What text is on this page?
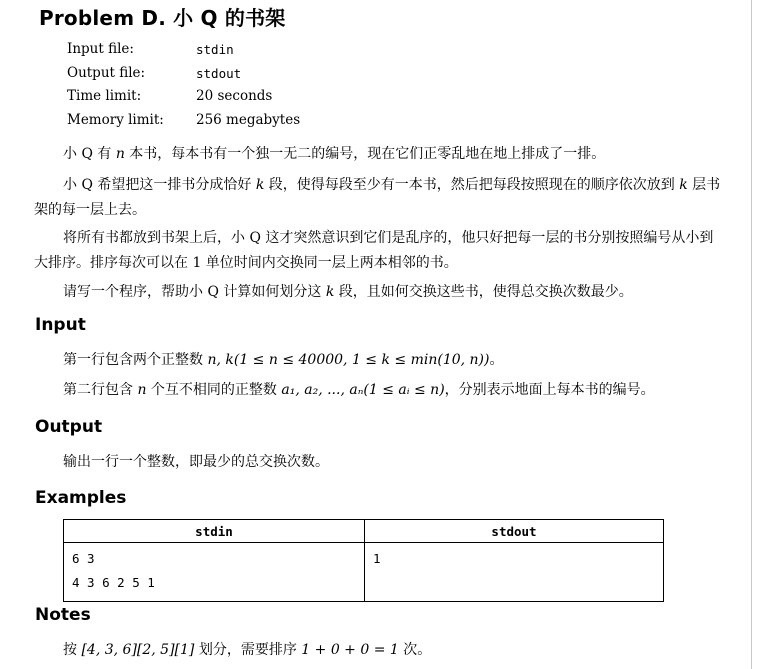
Problem D. 小 Q 的书架
Input file:	stdin
Output file:	stdout
Time limit:	20 seconds
Memory limit:	256 megabytes

小 Q 有 n 本书，每本书有一个独一无二的编号，现在它们正零乱地在地上排成了一排。

小 Q 希望把这一排书分成恰好 k 段，使得每段至少有一本书，然后把每段按照现在的顺序依次放到 k 层书架的每一层上去。

将所有书都放到书架上后，小 Q 这才突然意识到它们是乱序的，他只好把每一层的书分别按照编号从小到大排序。排序每次可以在 1 单位时间内交换同一层上两本相邻的书。

请写一个程序，帮助小 Q 计算如何划分这 k 段，且如何交换这些书，使得总交换次数最少。

Input

第一行包含两个正整数 n, k(1 ≤ n ≤ 40000, 1 ≤ k ≤ min(10, n))。

第二行包含 n 个互不相同的正整数 a₁, a₂, ..., aₙ(1 ≤ aᵢ ≤ n)，分别表示地面上每本书的编号。

Output

输出一行一个整数，即最少的总交换次数。

Examples
stdin	stdout

6 3
4 3 6 2 5 1	1
Notes

按 [4, 3, 6][2, 5][1] 划分，需要排序 1 + 0 + 0 = 1 次。
